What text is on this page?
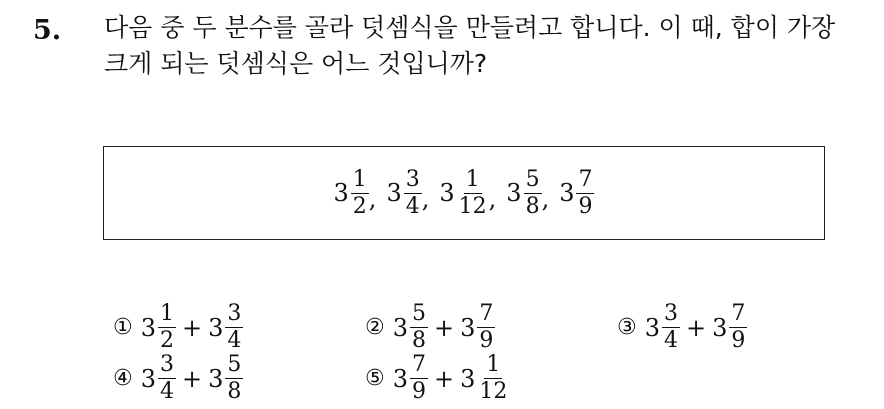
5. 다음 중 두 분수를 골라 덧셈식을 만들려고 합니다. 이 때, 합이 가장
크게 되는 덧셈식은 어느 것입니까?
$3 \frac{1}{2}$ , $3 \frac{3}{4}$ , $3 \frac{1}{12}$ , $3 \frac{5}{8}$ , $3 \frac{7}{9}$
① $3 \frac{1}{2} + 3 \frac{3}{4}$	② $3 \frac{5}{8} + 3 \frac{7}{9}$	③ $3 \frac{3}{4} + 3 \frac{7}{9}$
④ $3 \frac{3}{4} + 3 \frac{5}{8}$	⑤ $3 \frac{7}{9} + 3 \frac{1}{12}$
